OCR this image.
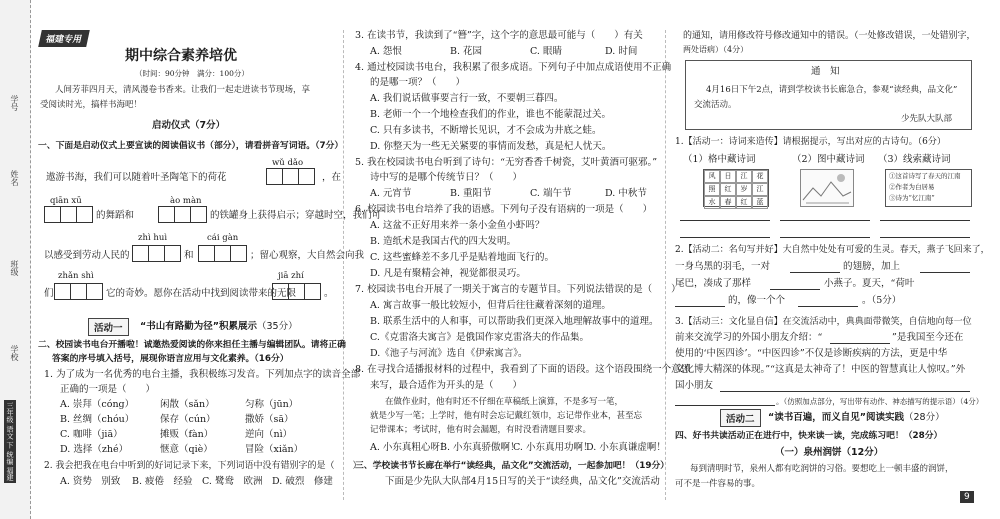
学号
姓名
班级
学校
三年级 语文 下 统编 福建
福建专用
期中综合素养培优
（时间：90分钟　满分：100分）
人间芳菲四月天，清风漫卷书香来。让我们一起走进读书节现场，享
受阅读时光，搞样书海吧！
启动仪式（7分）
一、下面是启动仪式上要宣读的阅读倡议书（部分），请看拼音写词语。（7分）
遨游书海，我们可以随着叶圣陶笔下的荷花
wǔ dǎo
，在
qiān xū
的舞蹈和
ào màn
的铁罐身上获得启示；穿越时空，我们可
以感受到劳动人民的
zhì huì
和
cái gàn
；留心观察，大自然会向我
们
zhǎn shì
它的奇妙。愿你在活动中找到阅读带来的无限
jiā zhí
。
活动一	“书山有路勤为径”积累展示（35分）
二、校园读书电台开播啦！诚邀热爱阅读的你来担任主播与编辑团队。请将正确
答案的序号填入括号，展现你语言应用与文化素养。（16分）
1. 为了成为一名优秀的电台主播，我积极练习发音。下列加点字的读音全部
正确的一项是（　　）
A. 崇拜（cóng）	闲散（sǎn）	匀称（jūn）
B. 丝绸（chóu）	保存（cún）	撒娇（sā）
C. 咖啡（jiā）	摊贩（fàn）	逆向（nì）
D. 选择（zhé）	惬意（qiè）	冒险（xiǎn）
2. 我会把我在电台中听到的好词记录下来，下列词语中没有错别字的是（　　）
A. 资势　别致 B. 疲倦　经验 C. 鹭鸯　欧洲 D. 破烈　修建
3. 在读书节，我读到了“簪”字，这个字的意思最可能与（　　）有关
A. 怨恨	B. 花园	C. 眼睛	D. 时间
4. 通过校园读书电台，我积累了很多成语。下列句子中加点成语使用不正确
的是哪一项？（　　）
A. 我们说话做事要言行一致，不要朝三暮四。
B. 老师一个一个地检查我们的作业，谁也不能蒙混过关。
C. 只有多读书，不断增长见识，才不会成为井底之蛙。
D. 你整天为一些无关紧要的事情而发愁，真是杞人忧天。
5. 我在校园读书电台听到了诗句：“无穷香香千树瓷，艾叶黄酒可驱邪。”
诗中写的是哪个传统节日？（　　）
A. 元宵节	B. 重阳节	C. 端午节	D. 中秋节
6. 校园读书电台培养了我的语感。下列句子没有语病的一项是（　　）
A. 这盆不正好用来养一条小金鱼小虾吗？
B. 造纸术是我国古代的四大发明。
C. 这些蜜蜂差不多几乎是贴着地面飞行的。
D. 凡是有聚精会神，视觉都很灵巧。
7. 校园读书电台开展了一期关于寓言的专题节目。下列说法错误的是（　　）
A. 寓言故事一般比较短小，但背后往往藏着深刻的道理。
B. 联系生活中的人和事，可以帮助我们更深入地理解故事中的道理。
C.《克雷洛夫寓言》是俄国作家克雷洛夫的作品集。
D.《池子与河流》选自《伊索寓言》。
8. 在寻找合适播报材料的过程中，我看到了下面的语段。这个语段围绕一个意思
来写，最合适作为开头的是（　　）
在做作业时，他有时还不仔细在草稿纸上演算，不是多写一笔，
就是少写一笔；上学时，他有时会忘记戴红领巾，忘记带作业本，甚至忘
记带课本；考试时，他有时会漏题，有时没看清题目要求。
A. 小东真粗心呀！
B. 小东真骄傲啊！
C. 小东真用功啊！
D. 小东真谦虚啊！
三、学校读书节长廊在举行“读经典，品文化”交流活动，一起参加吧！（19分）
下面是少先队大队部4月15日写的关于“读经典，品文化”交流活动
的通知，请用修改符号修改通知中的错误。（一处修改错误，一处错别字，
两处语病）（4分）
通　知
4月16日下午2点，请到学校读书长廊急合，参观“读经典，品文化”
交流活动。
少先队大队部
1.【活动一：诗词来造传】请根据提示，写出对应的古诗句。（6分）
（1）格中藏诗词	（2）图中藏诗词 （3）线索藏诗词
风	日	江	花
照	红	岁	江
水	春	红	蓝
①这首诗写了春天的江南
②作者为白居易
③诗为“忆江南”
2.【活动二：名句写并好】大自然中处处有可爱的生灵。春天，燕子飞回来了，
一身乌黑的羽毛，一对	的翅膀，加上
尾巴，凑成了那样	小燕子。夏天，“荷叶
的，像一个个	。（5分）
3.【活动三：文化显自信】在交流活动中，典典面带微笑，自信地向每一位
前来交流学习的外国小朋友介绍：“	”是我国至今还在
使用的‘中医四诊’。“中医四诊”不仅是诊断疾病的方法，更是中华
文化博大精深的体现。”“这真是太神奇了！中医的智慧真让人惊叹。”外
国小朋友
。（仿照加点部分，写出带有动作、神态描写的提示语）（4分）
活动二	“读书百遍，而义自见”阅读实践（28分）
四、好书共读活动正在进行中，快来读一读，完成练习吧！（28分）
（一）泉州润饼（12分）
每到清明时节，泉州人都有吃润饼的习俗。要想吃上一顿丰盛的润饼，
可不是一件容易的事。
9
